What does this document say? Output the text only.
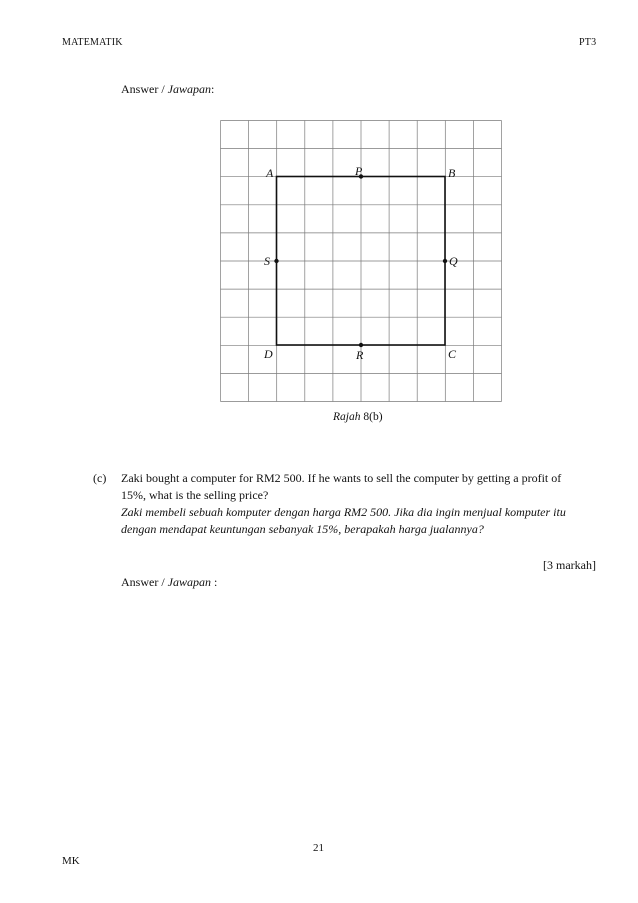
MATEMATIK	PT3
Answer / Jawapan:
A	B
C
D
P
Q
R
S
Rajah 8(b)
(c) Zaki bought a computer for RM2 500. If he wants to sell the computer by getting a profit of
15%, what is the selling price?
Zaki membeli sebuah komputer dengan harga RM2 500. Jika dia ingin menjual komputer itu
dengan mendapat keuntungan sebanyak 15%, berapakah harga jualannya?
[3 markah]
Answer / Jawapan :
21
MK
